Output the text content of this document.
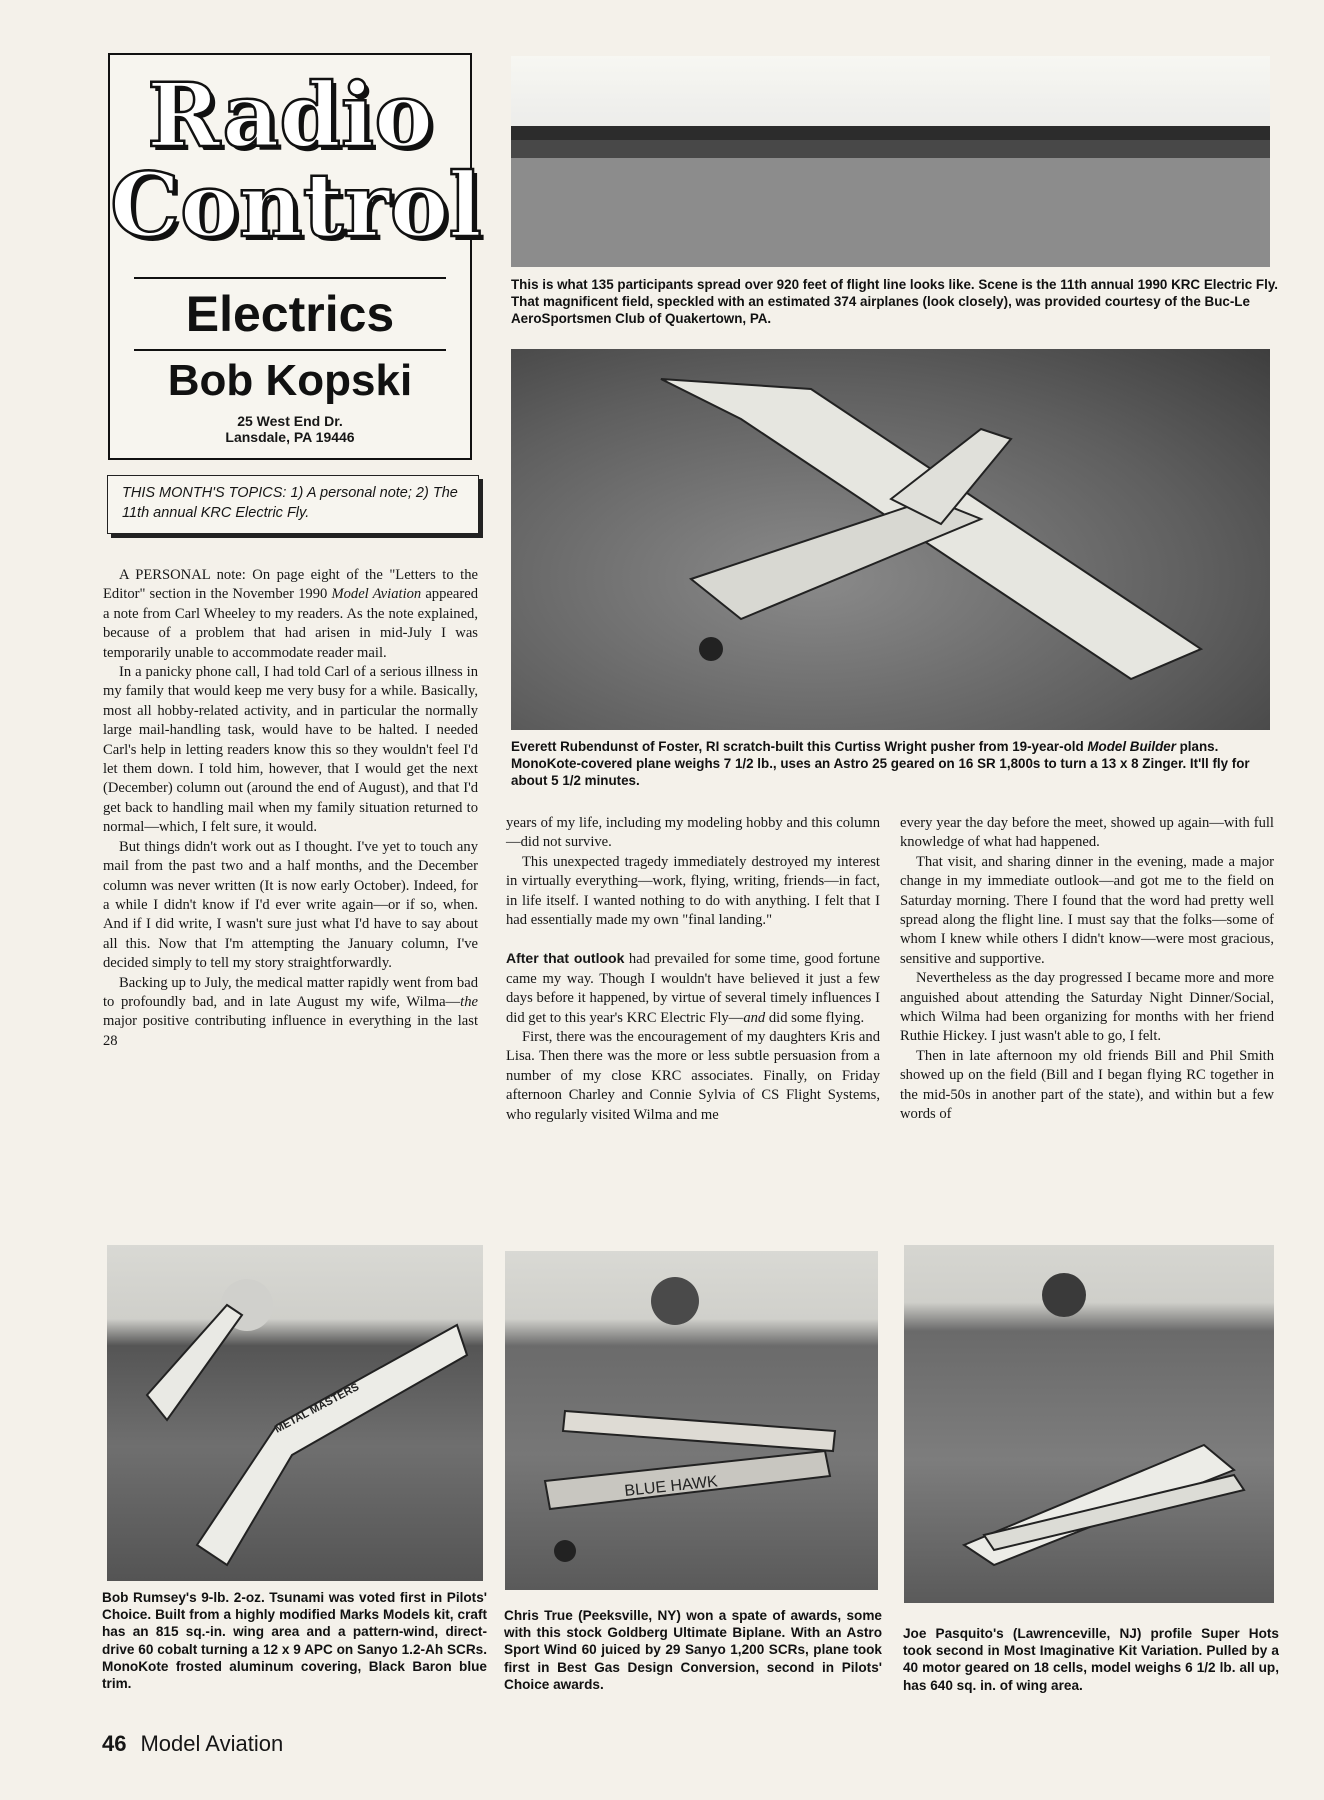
Radio
Control
Electrics
Bob Kopski
25 West End Dr.
Lansdale, PA 19446
THIS MONTH'S TOPICS: 1) A personal note; 2) The 11th annual KRC Electric Fly.
This is what 135 participants spread over 920 feet of flight line looks like. Scene is the 11th annual 1990 KRC Electric Fly. That magnificent field, speckled with an estimated 374 airplanes (look closely), was provided courtesy of the Buc-Le AeroSportsmen Club of Quakertown, PA.
Everett Rubendunst of Foster, RI scratch-built this Curtiss Wright pusher from 19-year-old Model Builder plans. MonoKote-covered plane weighs 7 1/2 lb., uses an Astro 25 geared on 16 SR 1,800s to turn a 13 x 8 Zinger. It'll fly for about 5 1/2 minutes.
METAL MASTERS
Bob Rumsey's 9-lb. 2-oz. Tsunami was voted first in Pilots' Choice. Built from a highly modified Marks Models kit, craft has an 815 sq.-in. wing area and a pattern-wind, direct-drive 60 cobalt turning a 12 x 9 APC on Sanyo 1.2-Ah SCRs. MonoKote frosted aluminum covering, Black Baron blue trim.
BLUE HAWK
Chris True (Peeksville, NY) won a spate of awards, some with this stock Goldberg Ultimate Biplane. With an Astro Sport Wind 60 juiced by 29 Sanyo 1,200 SCRs, plane took first in Best Gas Design Conversion, second in Pilots' Choice awards.
Joe Pasquito's (Lawrenceville, NJ) profile Super Hots took second in Most Imaginative Kit Variation. Pulled by a 40 motor geared on 18 cells, model weighs 6 1/2 lb. all up, has 640 sq. in. of wing area.

A PERSONAL note: On page eight of the "Letters to the Editor" section in the November 1990 Model Aviation appeared a note from Carl Wheeley to my readers. As the note explained, because of a problem that had arisen in mid-July I was temporarily unable to accommodate reader mail.

In a panicky phone call, I had told Carl of a serious illness in my family that would keep me very busy for a while. Basically, most all hobby-related activity, and in particular the normally large mail-handling task, would have to be halted. I needed Carl's help in letting readers know this so they wouldn't feel I'd let them down. I told him, however, that I would get the next (December) column out (around the end of August), and that I'd get back to handling mail when my family situation returned to normal—which, I felt sure, it would.

But things didn't work out as I thought. I've yet to touch any mail from the past two and a half months, and the December column was never written (It is now early October). Indeed, for a while I didn't know if I'd ever write again—or if so, when. And if I did write, I wasn't sure just what I'd have to say about all this. Now that I'm attempting the January column, I've decided simply to tell my story straightforwardly.

Backing up to July, the medical matter rapidly went from bad to profoundly bad, and in late August my wife, Wilma—the major positive contributing influence in everything in the last 28

years of my life, including my modeling hobby and this column—did not survive.

This unexpected tragedy immediately destroyed my interest in virtually everything—work, flying, writing, friends—in fact, in life itself. I wanted nothing to do with anything. I felt that I had essentially made my own "final landing."

After that outlook had prevailed for some time, good fortune came my way. Though I wouldn't have believed it just a few days before it happened, by virtue of several timely influences I did get to this year's KRC Electric Fly—and did some flying.

First, there was the encouragement of my daughters Kris and Lisa. Then there was the more or less subtle persuasion from a number of my close KRC associates. Finally, on Friday afternoon Charley and Connie Sylvia of CS Flight Systems, who regularly visited Wilma and me

every year the day before the meet, showed up again—with full knowledge of what had happened.

That visit, and sharing dinner in the evening, made a major change in my immediate outlook—and got me to the field on Saturday morning. There I found that the word had pretty well spread along the flight line. I must say that the folks—some of whom I knew while others I didn't know—were most gracious, sensitive and supportive.

Nevertheless as the day progressed I became more and more anguished about attending the Saturday Night Dinner/Social, which Wilma had been organizing for months with her friend Ruthie Hickey. I just wasn't able to go, I felt.

Then in late afternoon my old friends Bill and Phil Smith showed up on the field (Bill and I began flying RC together in the mid-50s in another part of the state), and within but a few words of

46 Model Aviation
